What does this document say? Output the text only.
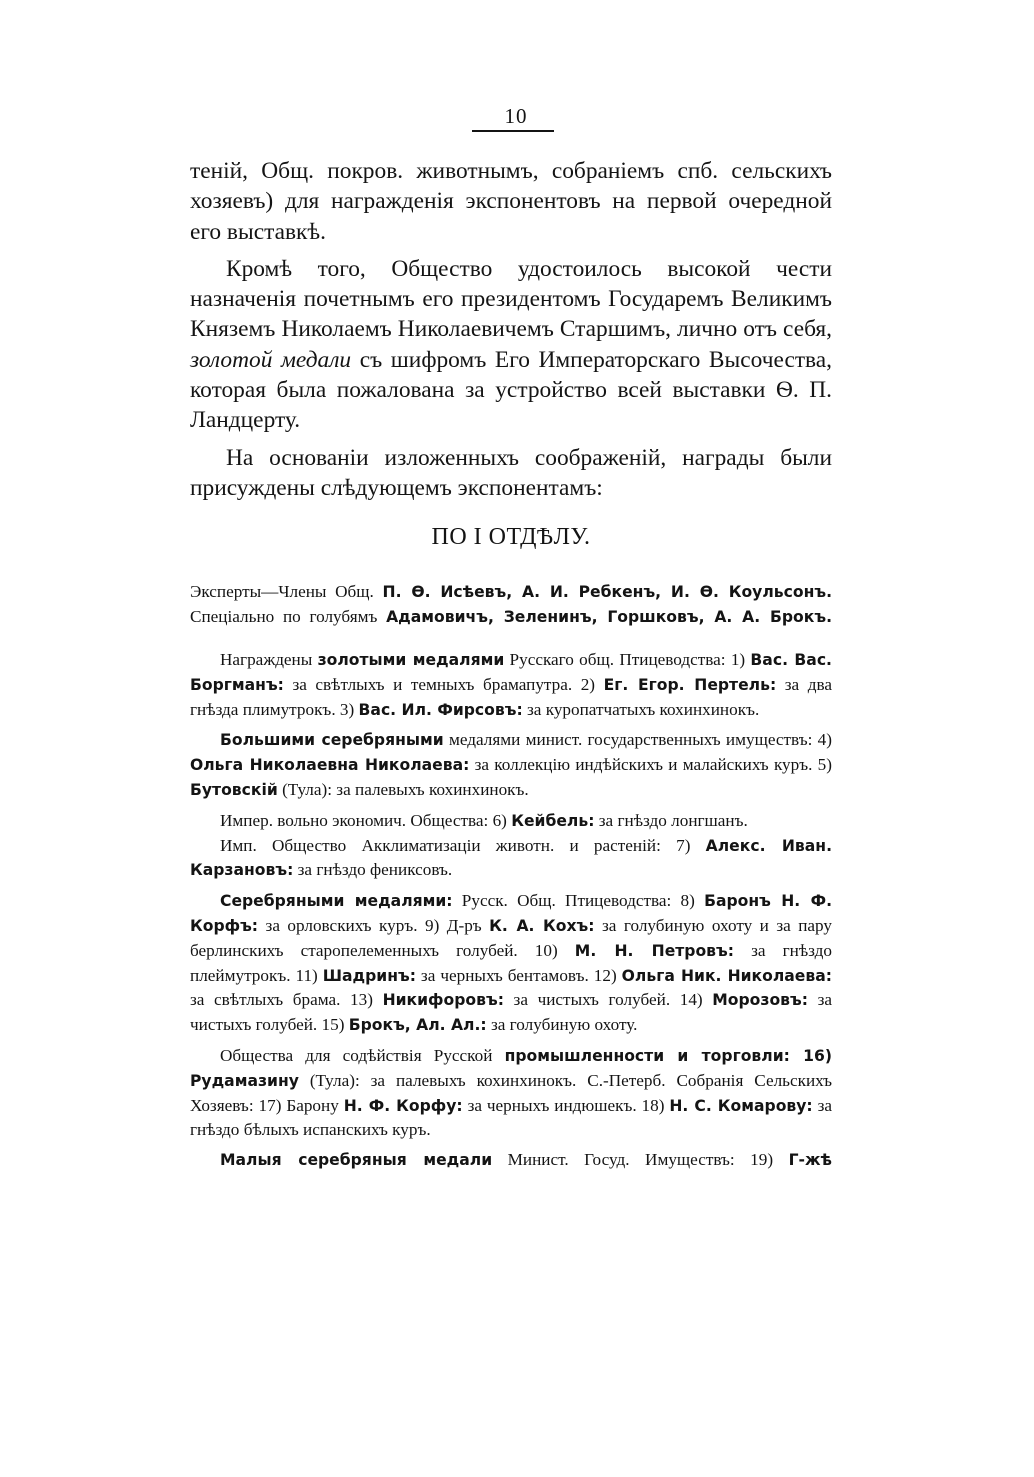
10

теній, Общ. покров. животнымъ, собраніемъ спб. сельскихъ хозяевъ) для награжденія экспонентовъ на первой очередной его выставкѣ.

Кромѣ того, Общество удостоилось высокой чести назначенія почетнымъ его президентомъ Государемъ Великимъ Княземъ Николаемъ Николаевичемъ Старшимъ, лично отъ себя, золотой медали съ шифромъ Его Императорскаго Высочества, которая была пожалована за устройство всей выставки Ѳ. П. Ландцерту.

На основаніи изложенныхъ соображеній, награды были присуждены слѣдующемъ экспонентамъ:

ПО I ОТДѢЛУ.

Эксперты—Члены Общ. П. Ѳ. Исѣевъ, А. И. Ребкенъ, И. Ѳ. Коульсонъ.

Спеціально по голубямъ Адамовичъ, Зеленинъ, Горшковъ, А. А. Брокъ.

Награждены золотыми медалями Русскаго общ. Птицеводства: 1) Вас. Вас. Боргманъ: за свѣтлыхъ и темныхъ брамапутра. 2) Ег. Егор. Пертель: за два гнѣзда плимутрокъ. 3) Вас. Ил. Фирсовъ: за куропатчатыхъ кохинхинокъ.

Большими серебряными медалями минист. государственныхъ имуществъ: 4) Ольга Николаевна Николаева: за коллекцію индѣйскихъ и малайскихъ куръ. 5) Бутовскій (Тула): за палевыхъ кохинхинокъ.

Импер. вольно экономич. Общества: 6) Кейбель: за гнѣздо лонгшанъ.

Имп. Общество Акклиматизаціи животн. и растеній: 7) Алекс. Иван. Карзановъ: за гнѣздо фениксовъ.

Серебряными медалями: Русск. Общ. Птицеводства: 8) Баронъ Н. Ф. Корфъ: за орловскихъ куръ. 9) Д-ръ К. А. Кохъ: за голубиную охоту и за пару берлинскихъ старопелеменныхъ голубей. 10) М. Н. Петровъ: за гнѣздо плеймутрокъ. 11) Шадринъ: за черныхъ бентамовъ. 12) Ольга Ник. Николаева: за свѣтлыхъ брама. 13) Никифоровъ: за чистыхъ голубей. 14) Морозовъ: за чистыхъ голубей. 15) Брокъ, Ал. Ал.: за голубиную охоту.

Общества для содѣйствія Русской промышленности и торговли: 16) Рудамазину (Тула): за палевыхъ кохинхинокъ. С.-Петерб. Собранія Сельскихъ Хозяевъ: 17) Барону Н. Ф. Корфу: за черныхъ индюшекъ. 18) Н. С. Комарову: за гнѣздо бѣлыхъ испанскихъ куръ.

Малыя серебряныя медали Минист. Госуд. Имуществъ: 19) Г-жѣ
